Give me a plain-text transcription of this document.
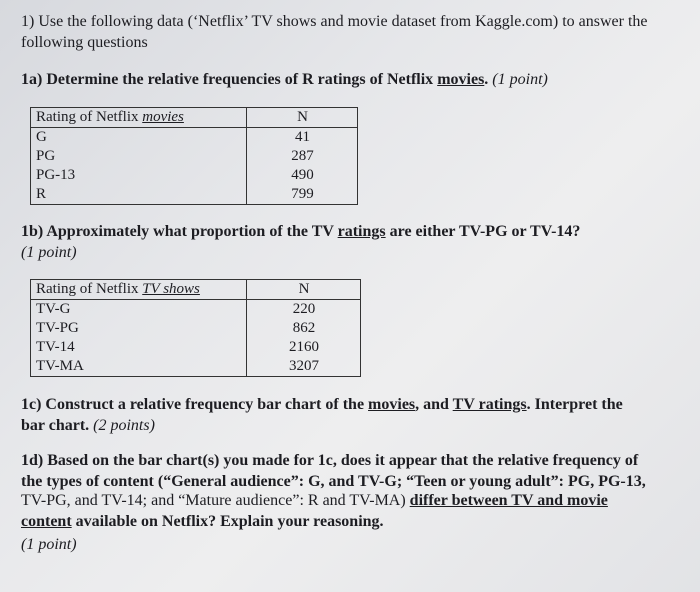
1) Use the following data (‘Netflix’ TV shows and movie dataset from Kaggle.com) to answer the
following questions
1a) Determine the relative frequencies of R ratings of Netflix movies. (1 point)
Rating of Netflix movies	N
G	41
PG	287
PG-13	490
R	799
1b) Approximately what proportion of the TV ratings are either TV-PG or TV-14?
(1 point)
Rating of Netflix TV shows	N
TV-G	220
TV-PG	862
TV-14	2160
TV-MA	3207
1c) Construct a relative frequency bar chart of the movies, and TV ratings. Interpret the
bar chart. (2 points)
1d) Based on the bar chart(s) you made for 1c, does it appear that the relative frequency of
the types of content (“General audience”: G, and TV-G; “Teen or young adult”: PG, PG-13,
TV-PG, and TV-14; and “Mature audience”: R and TV-MA) differ between TV and movie
content available on Netflix? Explain your reasoning.
(1 point)
